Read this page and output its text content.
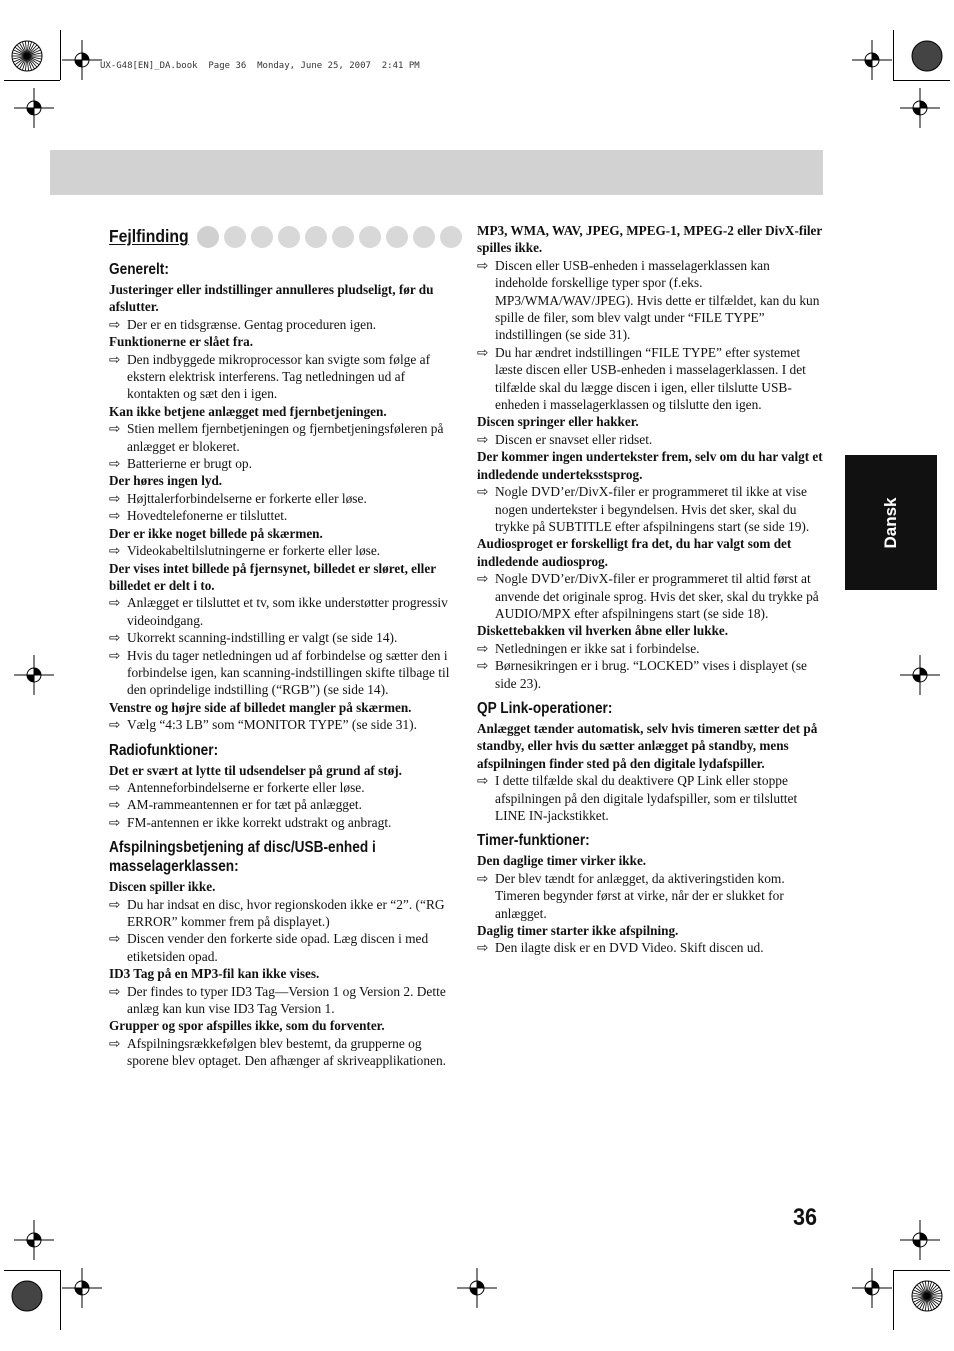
UX-G48[EN]_DA.book  Page 36  Monday, June 25, 2007  2:41 PM
Fejlfinding

Generelt:

Justeringer eller indstillinger annulleres pludseligt, før du afslutter.

⇨ Der er en tidsgrænse. Gentag proceduren igen.

Funktionerne er slået fra.

⇨ Den indbyggede mikroprocessor kan svigte som følge af ekstern elektrisk interferens. Tag netledningen ud af kontakten og sæt den i igen.

Kan ikke betjene anlægget med fjernbetjeningen.

⇨ Stien mellem fjernbetjeningen og fjernbetjeningsføleren på anlægget er blokeret.

⇨ Batterierne er brugt op.

Der høres ingen lyd.

⇨ Højttalerforbindelserne er forkerte eller løse.

⇨ Hovedtelefonerne er tilsluttet.

Der er ikke noget billede på skærmen.

⇨ Videokabeltilslutningerne er forkerte eller løse.

Der vises intet billede på fjernsynet, billedet er sløret, eller billedet er delt i to.

⇨ Anlægget er tilsluttet et tv, som ikke understøtter progressiv videoindgang.

⇨ Ukorrekt scanning-indstilling er valgt (se side 14).

⇨ Hvis du tager netledningen ud af forbindelse og sætter den i forbindelse igen, kan scanning-indstillingen skifte tilbage til den oprindelige indstilling (“RGB”) (se side 14).

Venstre og højre side af billedet mangler på skærmen.

⇨ Vælg “4:3 LB” som “MONITOR TYPE” (se side 31).

Radiofunktioner:

Det er svært at lytte til udsendelser på grund af støj.

⇨ Antenneforbindelserne er forkerte eller løse.

⇨ AM-rammeantennen er for tæt på anlægget.

⇨ FM-antennen er ikke korrekt udstrakt og anbragt.

Afspilningsbetjening af disc/USB-enhed i masselagerklassen:

Discen spiller ikke.

⇨ Du har indsat en disc, hvor regionskoden ikke er “2”. (“RG ERROR” kommer frem på displayet.)

⇨ Discen vender den forkerte side opad. Læg discen i med etiketsiden opad.

ID3 Tag på en MP3-fil kan ikke vises.

⇨ Der findes to typer ID3 Tag—Version 1 og Version 2. Dette anlæg kan kun vise ID3 Tag Version 1.

Grupper og spor afspilles ikke, som du forventer.

⇨ Afspilningsrækkefølgen blev bestemt, da grupperne og sporene blev optaget. Den afhænger af skriveapplikationen.

MP3, WMA, WAV, JPEG, MPEG-1, MPEG-2 eller DivX-filer spilles ikke.

⇨ Discen eller USB-enheden i masselagerklassen kan indeholde forskellige typer spor (f.eks. MP3/WMA/WAV/JPEG). Hvis dette er tilfældet, kan du kun spille de filer, som blev valgt under “FILE TYPE” indstillingen (se side 31).

⇨ Du har ændret indstillingen “FILE TYPE” efter systemet læste discen eller USB-enheden i masselagerklassen. I det tilfælde skal du lægge discen i igen, eller tilslutte USB-enheden i masselagerklassen og tilslutte den igen.

Discen springer eller hakker.

⇨ Discen er snavset eller ridset.

Der kommer ingen undertekster frem, selv om du har valgt et indledende underteksstsprog.

⇨ Nogle DVD’er/DivX-filer er programmeret til ikke at vise nogen undertekster i begyndelsen. Hvis det sker, skal du trykke på SUBTITLE efter afspilningens start (se side 19).

Audiosproget er forskelligt fra det, du har valgt som det indledende audiosprog.

⇨ Nogle DVD’er/DivX-filer er programmeret til altid først at anvende det originale sprog. Hvis det sker, skal du trykke på AUDIO/MPX efter afspilningens start (se side 18).

Diskettebakken vil hverken åbne eller lukke.

⇨ Netledningen er ikke sat i forbindelse.

⇨ Børnesikringen er i brug. “LOCKED” vises i displayet (se side 23).

QP Link-operationer:

Anlægget tænder automatisk, selv hvis timeren sætter det på standby, eller hvis du sætter anlægget på standby, mens afspilningen finder sted på den digitale lydafspiller.

⇨ I dette tilfælde skal du deaktivere QP Link eller stoppe afspilningen på den digitale lydafspiller, som er tilsluttet LINE IN-jackstikket.

Timer-funktioner:

Den daglige timer virker ikke.

⇨ Der blev tændt for anlægget, da aktiveringstiden kom. Timeren begynder først at virke, når der er slukket for anlægget.

Daglig timer starter ikke afspilning.

⇨ Den ilagte disk er en DVD Video. Skift discen ud.

Dansk
36
